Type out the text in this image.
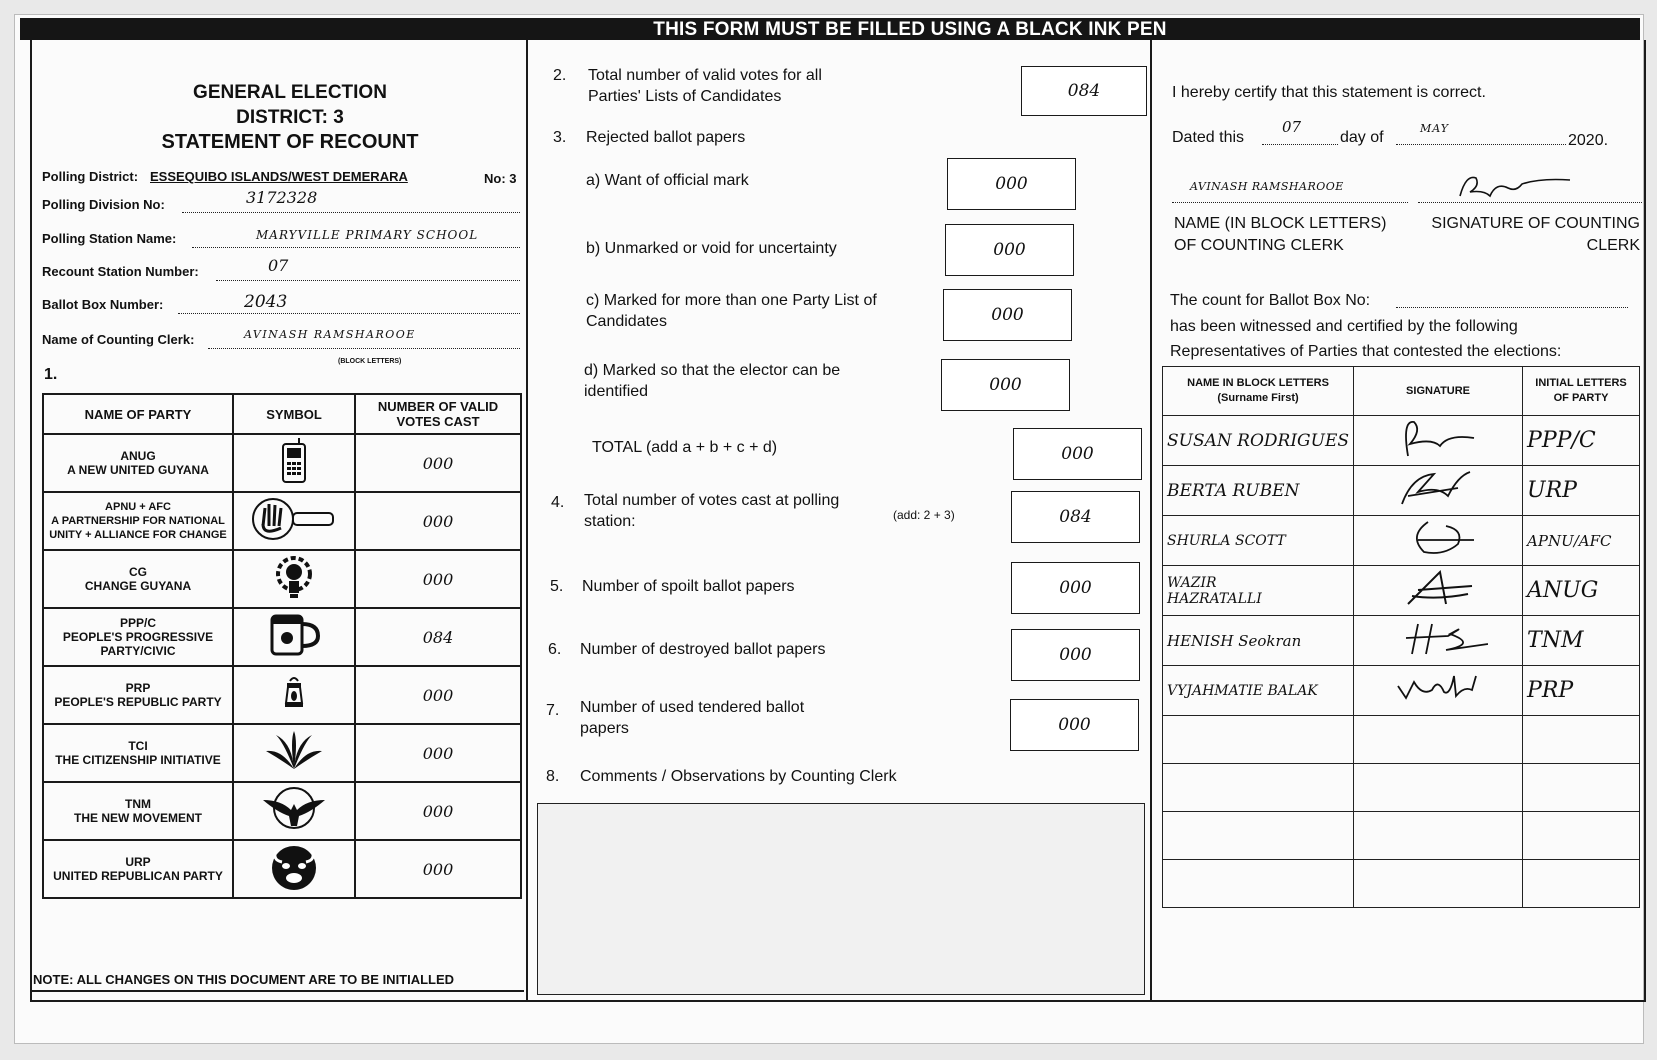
THIS FORM MUST BE FILLED USING A BLACK INK PEN
GENERAL ELECTION
DISTRICT: 3
STATEMENT OF RECOUNT
Polling District: ESSEQUIBO ISLANDS/WEST DEMERARA	No: 3
Polling Division No:	3172328
Polling Station Name:	MARYVILLE PRIMARY SCHOOL
Recount Station Number:	07
Ballot Box Number:	2043
Name of Counting Clerk:	AVINASH RAMSHAROOE
(BLOCK LETTERS)
1.
NAME OF PARTY	SYMBOL	NUMBER OF VALID VOTES CAST
ANUG
A NEW UNITED GUYANA		000
APNU + AFC
A PARTNERSHIP FOR NATIONAL UNITY + ALLIANCE FOR CHANGE		000
CG
CHANGE GUYANA		000
PPP/C
PEOPLE'S PROGRESSIVE PARTY/CIVIC		084
PRP
PEOPLE'S REPUBLIC PARTY		000
TCI
THE CITIZENSHIP INITIATIVE		000
TNM
THE NEW MOVEMENT		000
URP
UNITED REPUBLICAN PARTY		000
NOTE: ALL CHANGES ON THIS DOCUMENT ARE TO BE INITIALLED
2. Total number of valid votes for all
Parties' Lists of Candidates	084
3. Rejected ballot papers
a) Want of official mark	000
b) Unmarked or void for uncertainty	000
c) Marked for more than one Party List of
Candidates	000
d) Marked so that the elector can be
identified	000
TOTAL (add a + b + c + d)	000
4. Total number of votes cast at polling
station:	(add: 2 + 3)	084
5. Number of spoilt ballot papers	000
6. Number of destroyed ballot papers	000
7. Number of used tendered ballot
papers	000
8. Comments / Observations by Counting Clerk
I hereby certify that this statement is correct.
Dated this
07
day of
MAY
2020.
AVINASH RAMSHAROOE
NAME (IN BLOCK LETTERS)
OF COUNTING CLERK
SIGNATURE OF COUNTING
CLERK
The count for Ballot Box No:
has been witnessed and certified by the following
Representatives of Parties that contested the elections:
NAME IN BLOCK LETTERS
(Surname First)	SIGNATURE	INITIAL LETTERS
OF PARTY
SUSAN RODRIGUES		PPP/C
BERTA RUBEN		URP
SHURLA SCOTT		APNU/AFC
WAZIR
HAZRATALLI		ANUG
HENISH Seokran		TNM
VYJAHMATIE BALAK		PRP
